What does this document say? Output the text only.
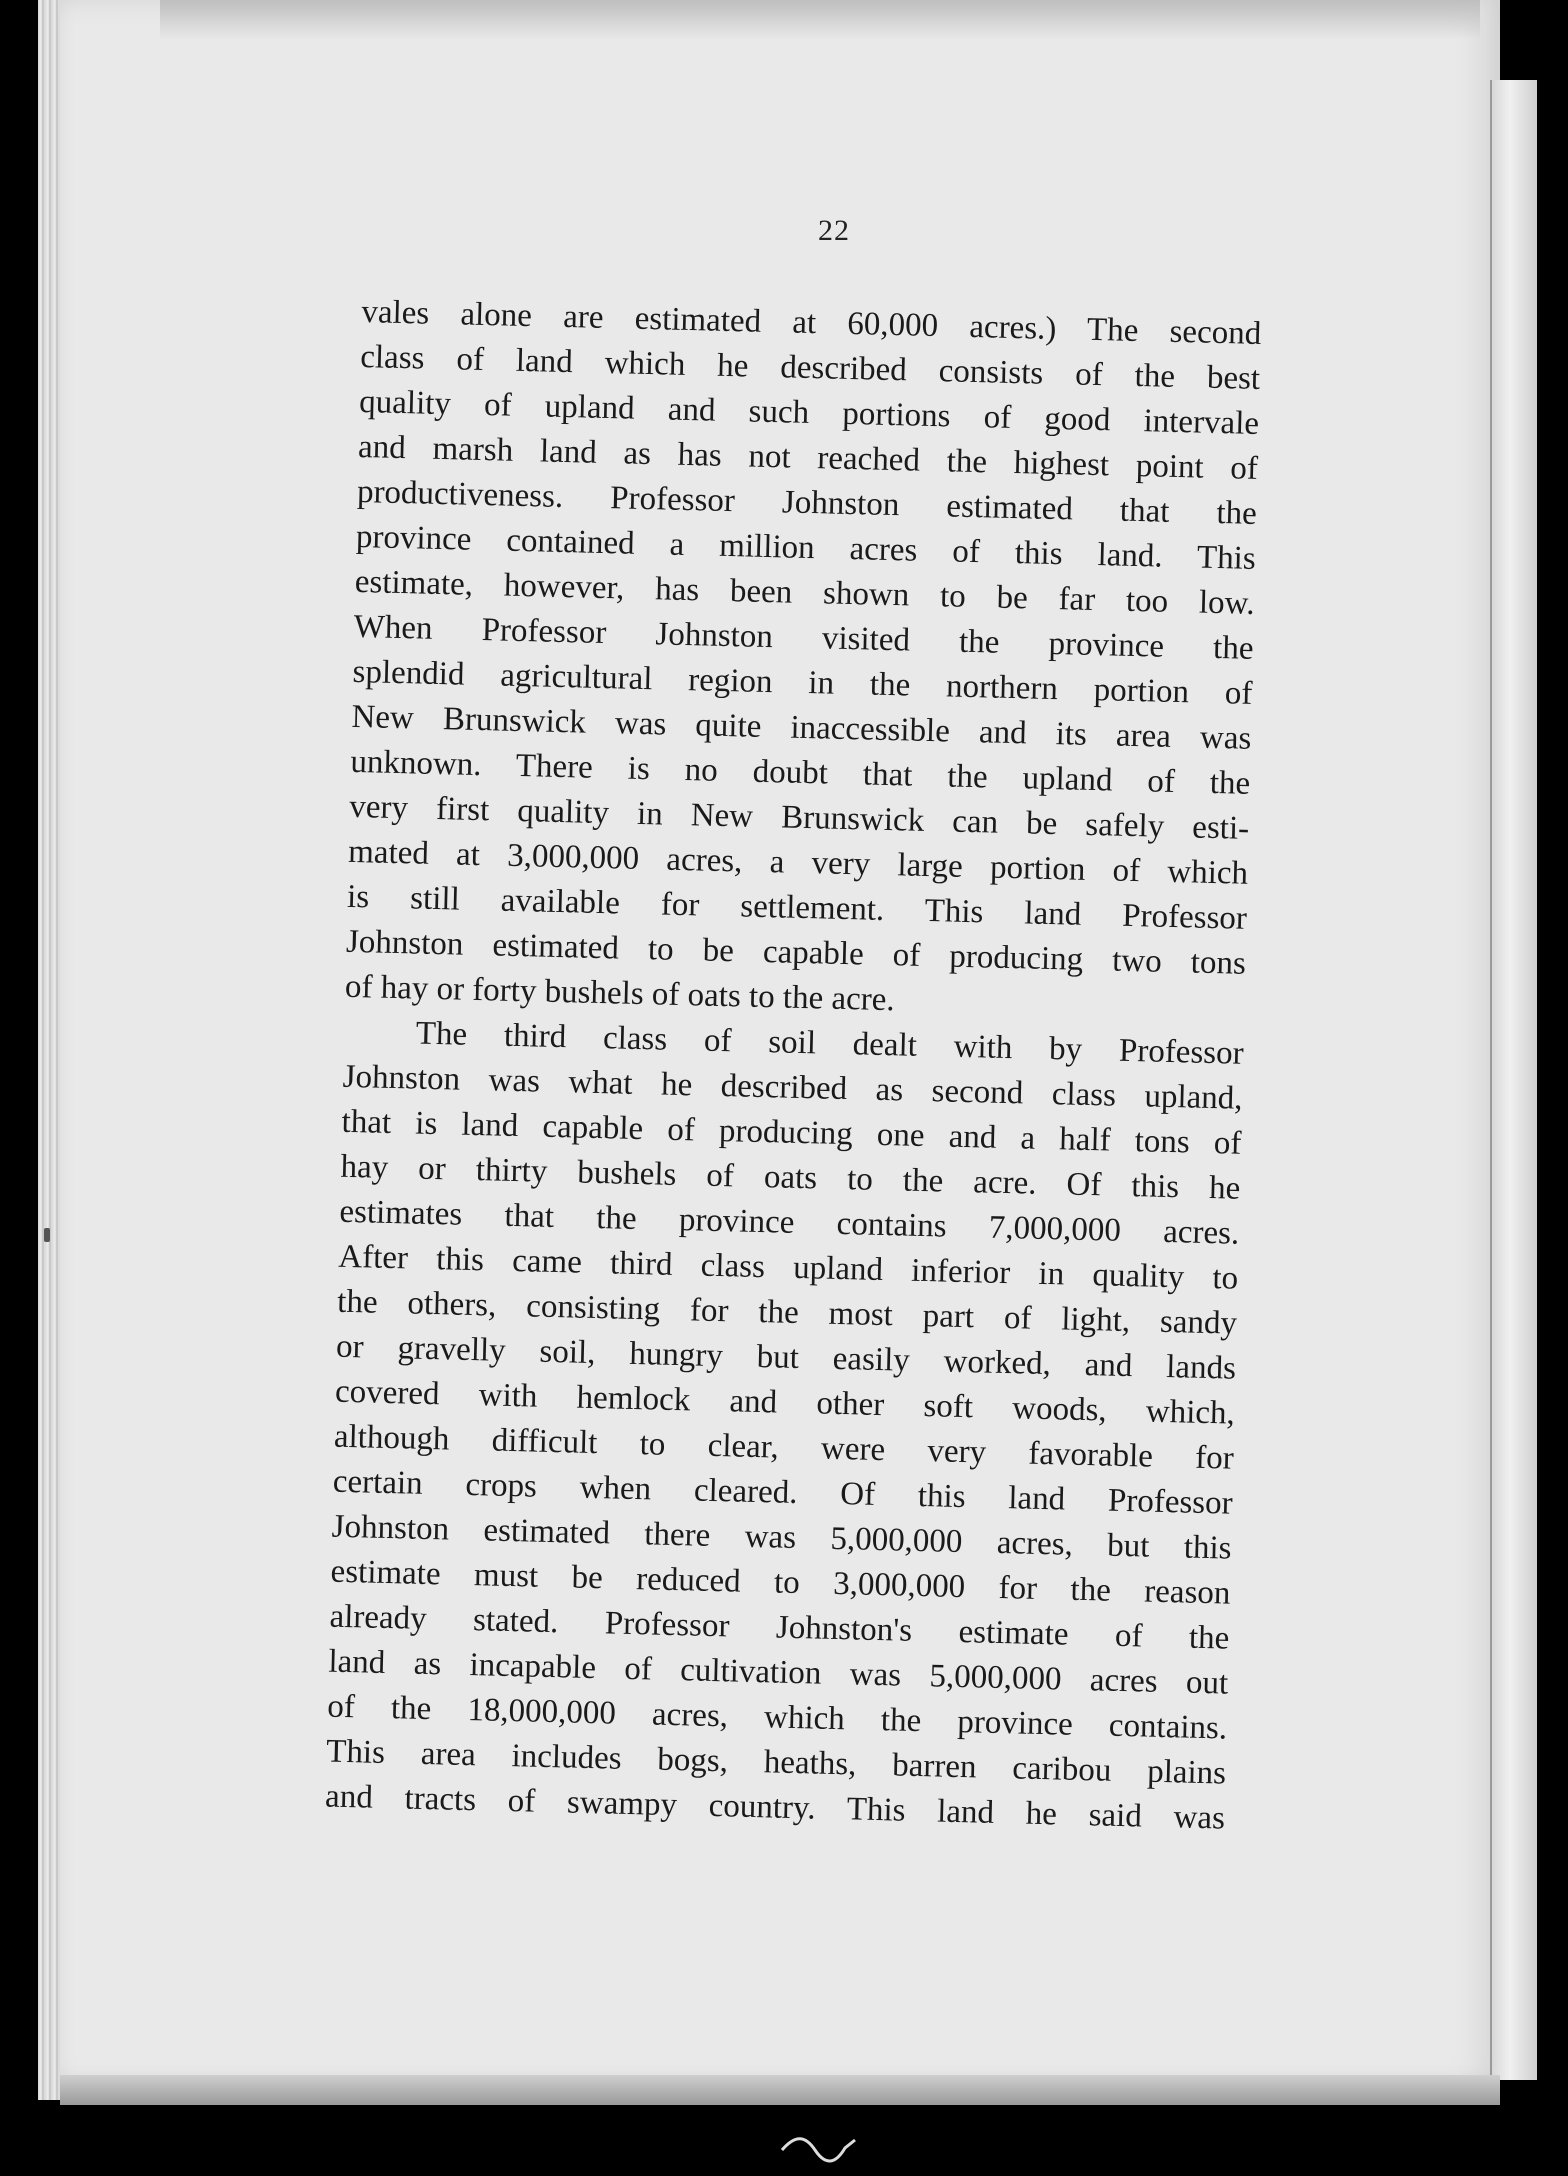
22

vales alone are estimated at 60,000 acres.) The second
class of land which he described consists of the best
quality of upland and such portions of good intervale
and marsh land as has not reached the highest point of
productiveness. Professor Johnston estimated that the
province contained a million acres of this land. This
estimate, however, has been shown to be far too low.
When Professor Johnston visited the province the
splendid agricultural region in the northern portion of
New Brunswick was quite inaccessible and its area was
unknown. There is no doubt that the upland of the
very first quality in New Brunswick can be safely esti-
mated at 3,000,000 acres, a very large portion of which
is still available for settlement. This land Professor
Johnston estimated to be capable of producing two tons
of hay or forty bushels of oats to the acre.

The third class of soil dealt with by Professor
Johnston was what he described as second class upland,
that is land capable of producing one and a half tons of
hay or thirty bushels of oats to the acre. Of this he
estimates that the province contains 7,000,000 acres.
After this came third class upland inferior in quality to
the others, consisting for the most part of light, sandy
or gravelly soil, hungry but easily worked, and lands
covered with hemlock and other soft woods, which,
although difficult to clear, were very favorable for
certain crops when cleared. Of this land Professor
Johnston estimated there was 5,000,000 acres, but this
estimate must be reduced to 3,000,000 for the reason
already stated. Professor Johnston's estimate of the
land as incapable of cultivation was 5,000,000 acres out
of the 18,000,000 acres, which the province contains.
This area includes bogs, heaths, barren caribou plains
and tracts of swampy country. This land he said was
